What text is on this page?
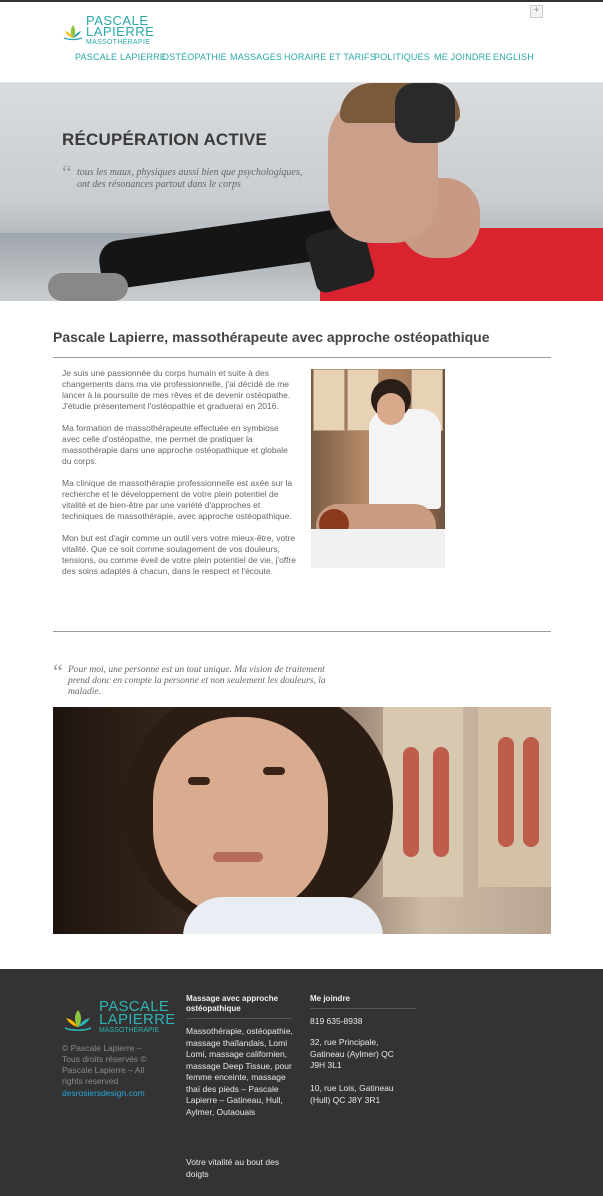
PASCALE
LAPIERRE
MASSOTHÉRAPIE
+
PASCALE LAPIERRE
OSTÉOPATHIE MASSAGES HORAIRE ET TARIFS
POLITIQUES ME JOINDRE ENGLISH
RÉCUPÉRATION ACTIVE
“ tous les maux, physiques aussi bien que psychologiques, ont des résonances partout dans le corps
Pascale Lapierre, massothérapeute avec approche ostéopathique

Je suis une passionnée du corps humain et suite à des changements dans ma vie professionnelle, j'ai décidé de me lancer à la poursuite de mes rêves et de devenir ostéopathe. J'étudie présentement l'ostéopathie et gradueraì en 2016.

Ma formation de massothérapeute effectuée en symbiose avec celle d'ostéopathe, me permet de pratiquer la massothérapie dans une approche ostéopathique et globale du corps.

Ma clinique de massothérapie professionnelle est axée sur la recherche et le développement de votre plein potentiel de vitalité et de bien-être par une variété d'approches et techniques de massothérapie, avec approche ostéopathique.

Mon but est d'agir comme un outil vers votre mieux-être, votre vitalité. Que ce soit comme soulagement de vos douleurs, tensions, ou comme éveil de votre plein potentiel de vie, j'offre des soins adaptés à chacun, dans le respect et l'écoute.

“ Pour moi, une personne est un tout unique. Ma vision de traitement prend donc en compte la personne et non seulement les douleurs, la maladie.
PASCALE
LAPIERRE
MASSOTHÉRAPIE
© Pascale Lapierre – Tous droits réservés © Pascale Lapierre – All rights reserved
desrosiersdesign.com
Massage avec approche ostéopathique
Massothérapie, ostéopathie, massage thaïlandais, Lomi Lomi, massage californien, massage Deep Tissue, pour femme enceinte, massage thaï des pieds – Pascale Lapierre – Gatineau, Hull, Aylmer, Outaouais
Votre vitalité au bout des doigts
Me joindre
819 635-8938
32, rue Principale, Gatineau (Aylmer) QC J9H 3L1
10, rue Lois, Gatineau (Hull) QC J8Y 3R1
